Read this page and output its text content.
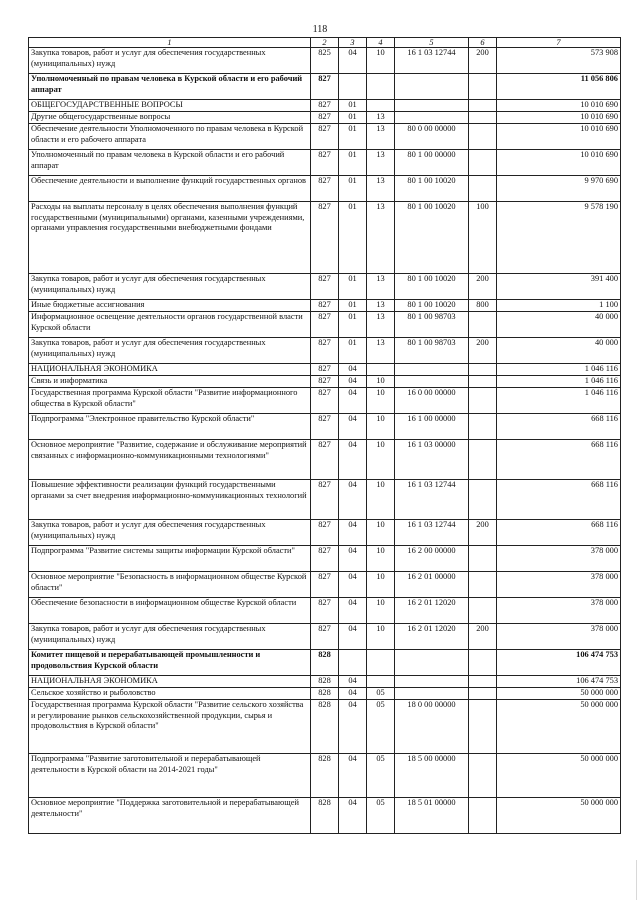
118
1	2	3	4	5	6	7
Закупка товаров, работ и услуг для обеспечения государственных (муниципальных) нужд	825	04	10	16 1 03 12744	200	573 908
Уполномоченный по правам человека в Курской области и его рабочий аппарат	827					11 056 806
ОБЩЕГОСУДАРСТВЕННЫЕ ВОПРОСЫ	827	01				10 010 690
Другие общегосударственные вопросы	827	01	13			10 010 690
Обеспечение деятельности Уполномоченного по правам человека в Курской области и его рабочего аппарата	827	01	13	80 0 00 00000		10 010 690
Уполномоченный по правам человека в Курской области и его рабочий аппарат	827	01	13	80 1 00 00000		10 010 690
Обеспечение деятельности и выполнение функций государственных органов	827	01	13	80 1 00 10020		9 970 690
Расходы на выплаты персоналу в целях обеспечения выполнения функций государственными (муниципальными) органами, казенными учреждениями, органами управления государственными внебюджетными фондами	827	01	13	80 1 00 10020	100	9 578 190
Закупка товаров, работ и услуг для обеспечения государственных (муниципальных) нужд	827	01	13	80 1 00 10020	200	391 400
Иные бюджетные ассигнования	827	01	13	80 1 00 10020	800	1 100
Информационное освещение деятельности органов государственной власти Курской области	827	01	13	80 1 00 98703		40 000
Закупка товаров, работ и услуг для обеспечения государственных (муниципальных) нужд	827	01	13	80 1 00 98703	200	40 000
НАЦИОНАЛЬНАЯ ЭКОНОМИКА	827	04				1 046 116
Связь и информатика	827	04	10			1 046 116
Государственная программа Курской области "Развитие информационного общества в Курской области"	827	04	10	16 0 00 00000		1 046 116
Подпрограмма "Электронное правительство Курской области"	827	04	10	16 1 00 00000		668 116
Основное мероприятие "Развитие, содержание и обслуживание мероприятий связанных с информационно-коммуникационными технологиями"	827	04	10	16 1 03 00000		668 116
Повышение эффективности реализации функций государственными органами за счет внедрения информационно-коммуникационных технологий	827	04	10	16 1 03 12744		668 116
Закупка товаров, работ и услуг для обеспечения государственных (муниципальных) нужд	827	04	10	16 1 03 12744	200	668 116
Подпрограмма "Развитие системы защиты информации Курской области"	827	04	10	16 2 00 00000		378 000
Основное мероприятие "Безопасность в информационном обществе Курской области"	827	04	10	16 2 01 00000		378 000
Обеспечение безопасности в информационном обществе Курской области	827	04	10	16 2 01 12020		378 000
Закупка товаров, работ и услуг для обеспечения государственных (муниципальных) нужд	827	04	10	16 2 01 12020	200	378 000
Комитет пищевой и перерабатывающей промышленности и продовольствия Курской области	828					106 474 753
НАЦИОНАЛЬНАЯ ЭКОНОМИКА	828	04				106 474 753
Сельское хозяйство и рыболовство	828	04	05			50 000 000
Государственная программа Курской области "Развитие сельского хозяйства и регулирование рынков сельскохозяйственной продукции, сырья и продовольствия в Курской области"	828	04	05	18 0 00 00000		50 000 000
Подпрограмма "Развитие заготовительной и перерабатывающей деятельности в Курской области на 2014-2021 годы"	828	04	05	18 5 00 00000		50 000 000
Основное мероприятие "Поддержка заготовительной и перерабатывающей деятельности"	828	04	05	18 5 01 00000		50 000 000
